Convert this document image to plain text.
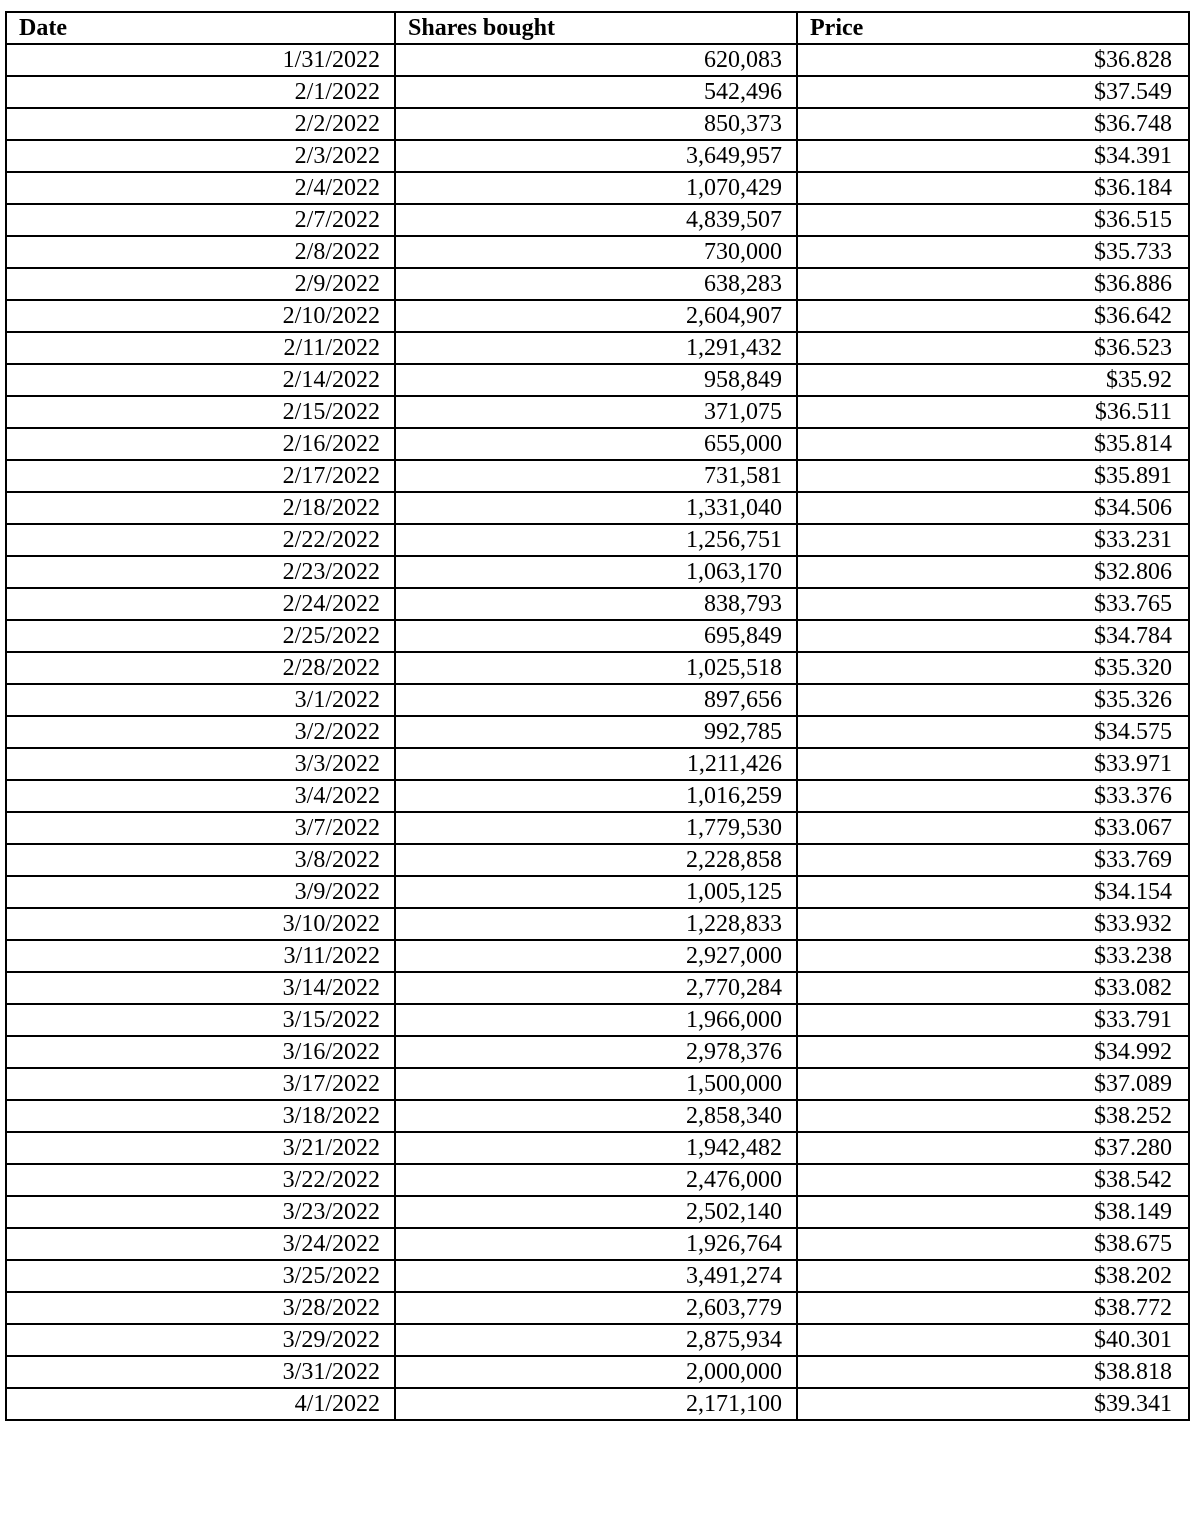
Date	Shares bought	Price
1/31/2022	620,083	$36.828
2/1/2022	542,496	$37.549
2/2/2022	850,373	$36.748
2/3/2022	3,649,957	$34.391
2/4/2022	1,070,429	$36.184
2/7/2022	4,839,507	$36.515
2/8/2022	730,000	$35.733
2/9/2022	638,283	$36.886
2/10/2022	2,604,907	$36.642
2/11/2022	1,291,432	$36.523
2/14/2022	958,849	$35.92
2/15/2022	371,075	$36.511
2/16/2022	655,000	$35.814
2/17/2022	731,581	$35.891
2/18/2022	1,331,040	$34.506
2/22/2022	1,256,751	$33.231
2/23/2022	1,063,170	$32.806
2/24/2022	838,793	$33.765
2/25/2022	695,849	$34.784
2/28/2022	1,025,518	$35.320
3/1/2022	897,656	$35.326
3/2/2022	992,785	$34.575
3/3/2022	1,211,426	$33.971
3/4/2022	1,016,259	$33.376
3/7/2022	1,779,530	$33.067
3/8/2022	2,228,858	$33.769
3/9/2022	1,005,125	$34.154
3/10/2022	1,228,833	$33.932
3/11/2022	2,927,000	$33.238
3/14/2022	2,770,284	$33.082
3/15/2022	1,966,000	$33.791
3/16/2022	2,978,376	$34.992
3/17/2022	1,500,000	$37.089
3/18/2022	2,858,340	$38.252
3/21/2022	1,942,482	$37.280
3/22/2022	2,476,000	$38.542
3/23/2022	2,502,140	$38.149
3/24/2022	1,926,764	$38.675
3/25/2022	3,491,274	$38.202
3/28/2022	2,603,779	$38.772
3/29/2022	2,875,934	$40.301
3/31/2022	2,000,000	$38.818
4/1/2022	2,171,100	$39.341
